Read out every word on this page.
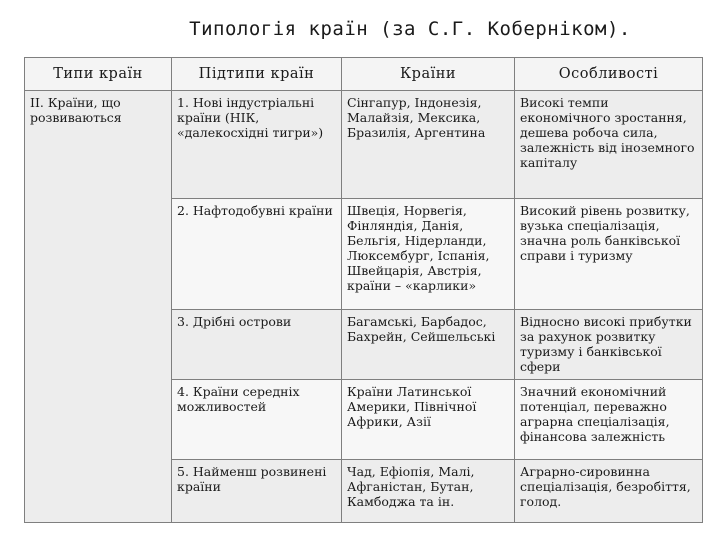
Типологія країн (за С.Г. Коберніком).
Типи країн	Підтипи країн	Країни	Особливості
ІІ. Країни, що розвиваються	1. Нові індустріальні країни (НІК, «далекосхідні тигри»)	Сінгапур, Індонезія, Малайзія, Мексика, Бразилія, Аргентина	Високі темпи економічного зростання, дешева робоча сила, залежність від іноземного капіталу
	2. Нафтодобувні країни	Швеція, Норвегія, Фінляндія, Данія, Бельгія, Нідерланди, Люксембург, Іспанія, Швейцарія, Австрія, країни – «карлики»	Високий рівень розвитку, вузька спеціалізація, значна роль банківської справи і туризму
	3. Дрібні острови	Багамські, Барбадос, Бахрейн, Сейшельські	Відносно високі прибутки за рахунок розвитку туризму і банківської сфери
	4. Країни середніх можливостей	Країни Латинської Америки, Північної Африки, Азії	Значний економічний потенціал, переважно аграрна спеціалізація, фінансова залежність
	5. Найменш розвинені країни	Чад, Ефіопія, Малі, Афганістан, Бутан, Камбоджа та ін.	Аграрно-сировинна спеціалізація, безробіття, голод.
